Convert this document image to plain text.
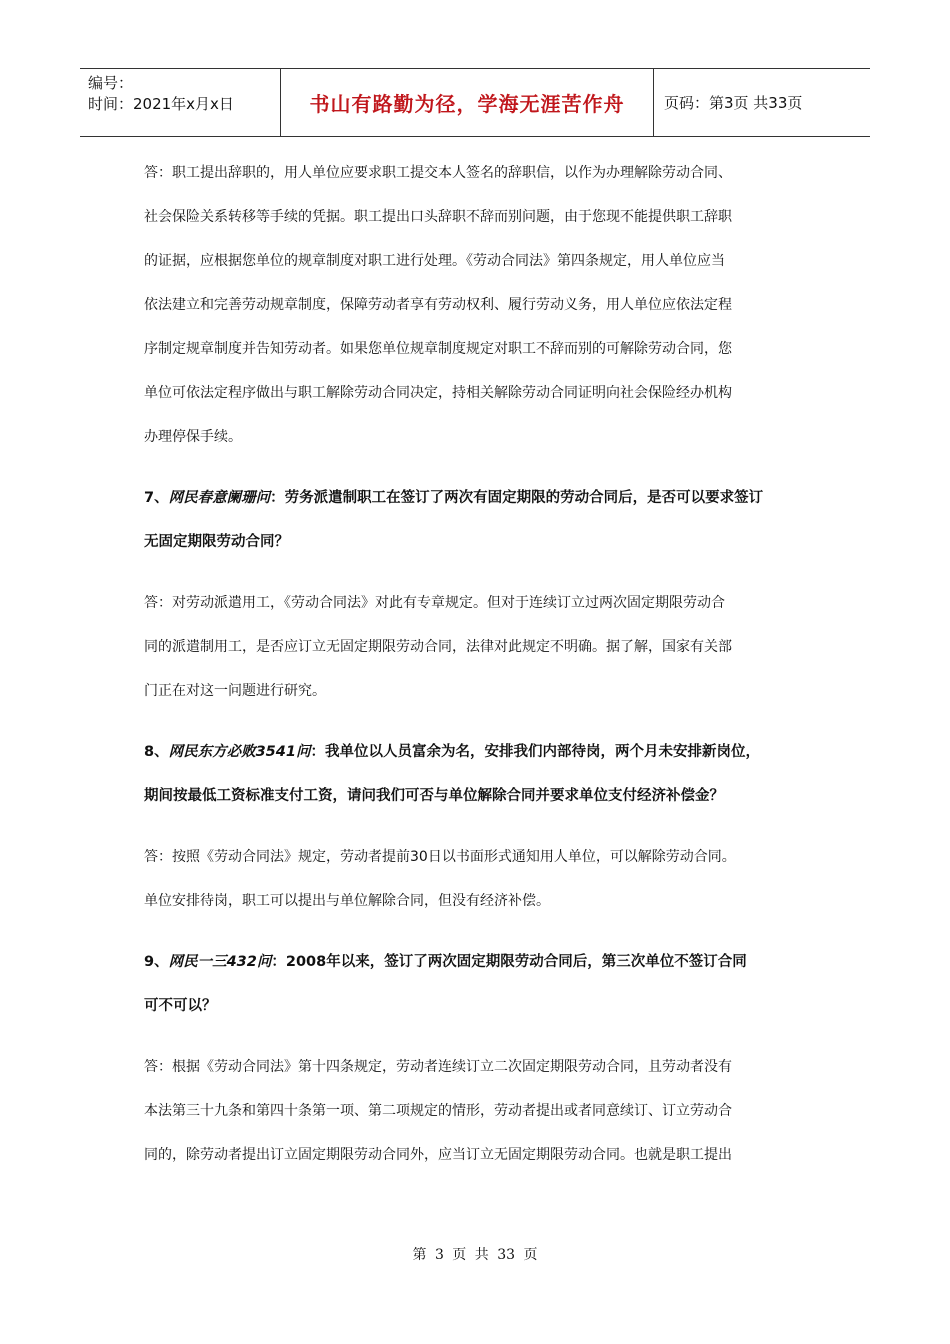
编号：
时间：2021年x月x日	书山有路勤为径，学海无涯苦作舟	页码：第3页 共33页

答：职工提出辞职的，用人单位应要求职工提交本人签名的辞职信，以作为办理解除劳动合同、

社会保险关系转移等手续的凭据。职工提出口头辞职不辞而别问题，由于您现不能提供职工辞职

的证据，应根据您单位的规章制度对职工进行处理。《劳动合同法》第四条规定，用人单位应当

依法建立和完善劳动规章制度，保障劳动者享有劳动权利、履行劳动义务，用人单位应依法定程

序制定规章制度并告知劳动者。如果您单位规章制度规定对职工不辞而别的可解除劳动合同，您

单位可依法定程序做出与职工解除劳动合同决定，持相关解除劳动合同证明向社会保险经办机构

办理停保手续。

7、网民春意阑珊问：劳务派遣制职工在签订了两次有固定期限的劳动合同后，是否可以要求签订

无固定期限劳动合同？

答：对劳动派遣用工，《劳动合同法》对此有专章规定。但对于连续订立过两次固定期限劳动合

同的派遣制用工，是否应订立无固定期限劳动合同，法律对此规定不明确。据了解，国家有关部

门正在对这一问题进行研究。

8、网民东方必败3541问：我单位以人员富余为名，安排我们内部待岗，两个月未安排新岗位，

期间按最低工资标准支付工资，请问我们可否与单位解除合同并要求单位支付经济补偿金？

答：按照《劳动合同法》规定，劳动者提前30日以书面形式通知用人单位，可以解除劳动合同。

单位安排待岗，职工可以提出与单位解除合同，但没有经济补偿。

9、网民一三432问：2008年以来，签订了两次固定期限劳动合同后，第三次单位不签订合同

可不可以？

答：根据《劳动合同法》第十四条规定，劳动者连续订立二次固定期限劳动合同，且劳动者没有

本法第三十九条和第四十条第一项、第二项规定的情形，劳动者提出或者同意续订、订立劳动合

同的，除劳动者提出订立固定期限劳动合同外，应当订立无固定期限劳动合同。也就是职工提出

第 3 页 共 33 页
